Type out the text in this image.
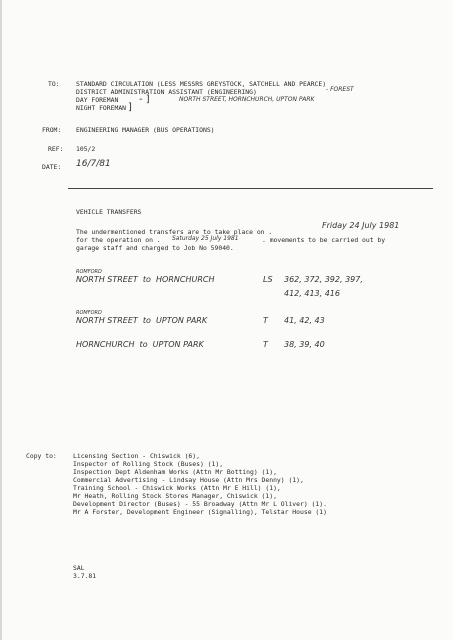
TO:	STANDARD CIRCULATION (LESS MESSRS GREYSTOCK, SATCHELL AND PEARCE)
DISTRICT ADMINISTRATION ASSISTANT (ENGINEERING)	- FOREST
DAY FOREMAN - ]	NORTH STREET, HORNCHURCH, UPTON PARK
NIGHT FOREMAN ]
FROM: ENGINEERING MANAGER (BUS OPERATIONS)
REF: 105/2
DATE: 16/7/81
VEHICLE TRANSFERS
The undermentioned transfers are to take place on .
Friday 24 July 1981
for the operation on . Saturday 25 July 1981	. movements to be carried out by
garage staff and charged to Job No 59040.
ROMFORD
NORTH STREET  to  HORNCHURCH	LS 362, 372, 392, 397,
412, 413, 416
ROMFORD
NORTH STREET  to  UPTON PARK	T 41, 42, 43
HORNCHURCH  to  UPTON PARK	T 38, 39, 40
Copy to:	Licensing Section - Chiswick (6),
Inspector of Rolling Stock (Buses) (1),
Inspection Dept Aldenham Works (Attn Mr Botting) (1),
Commercial Advertising - Lindsay House (Attn Mrs Denny) (1),
Training School - Chiswick Works (Attn Mr E Hill) (1),
Mr Heath, Rolling Stock Stores Manager, Chiswick (1),
Development Director (Buses) - 55 Broadway (Attn Mr L Oliver) (1).
Mr A Forster, Development Engineer (Signalling), Telstar House (1)
SAL
3.7.81
